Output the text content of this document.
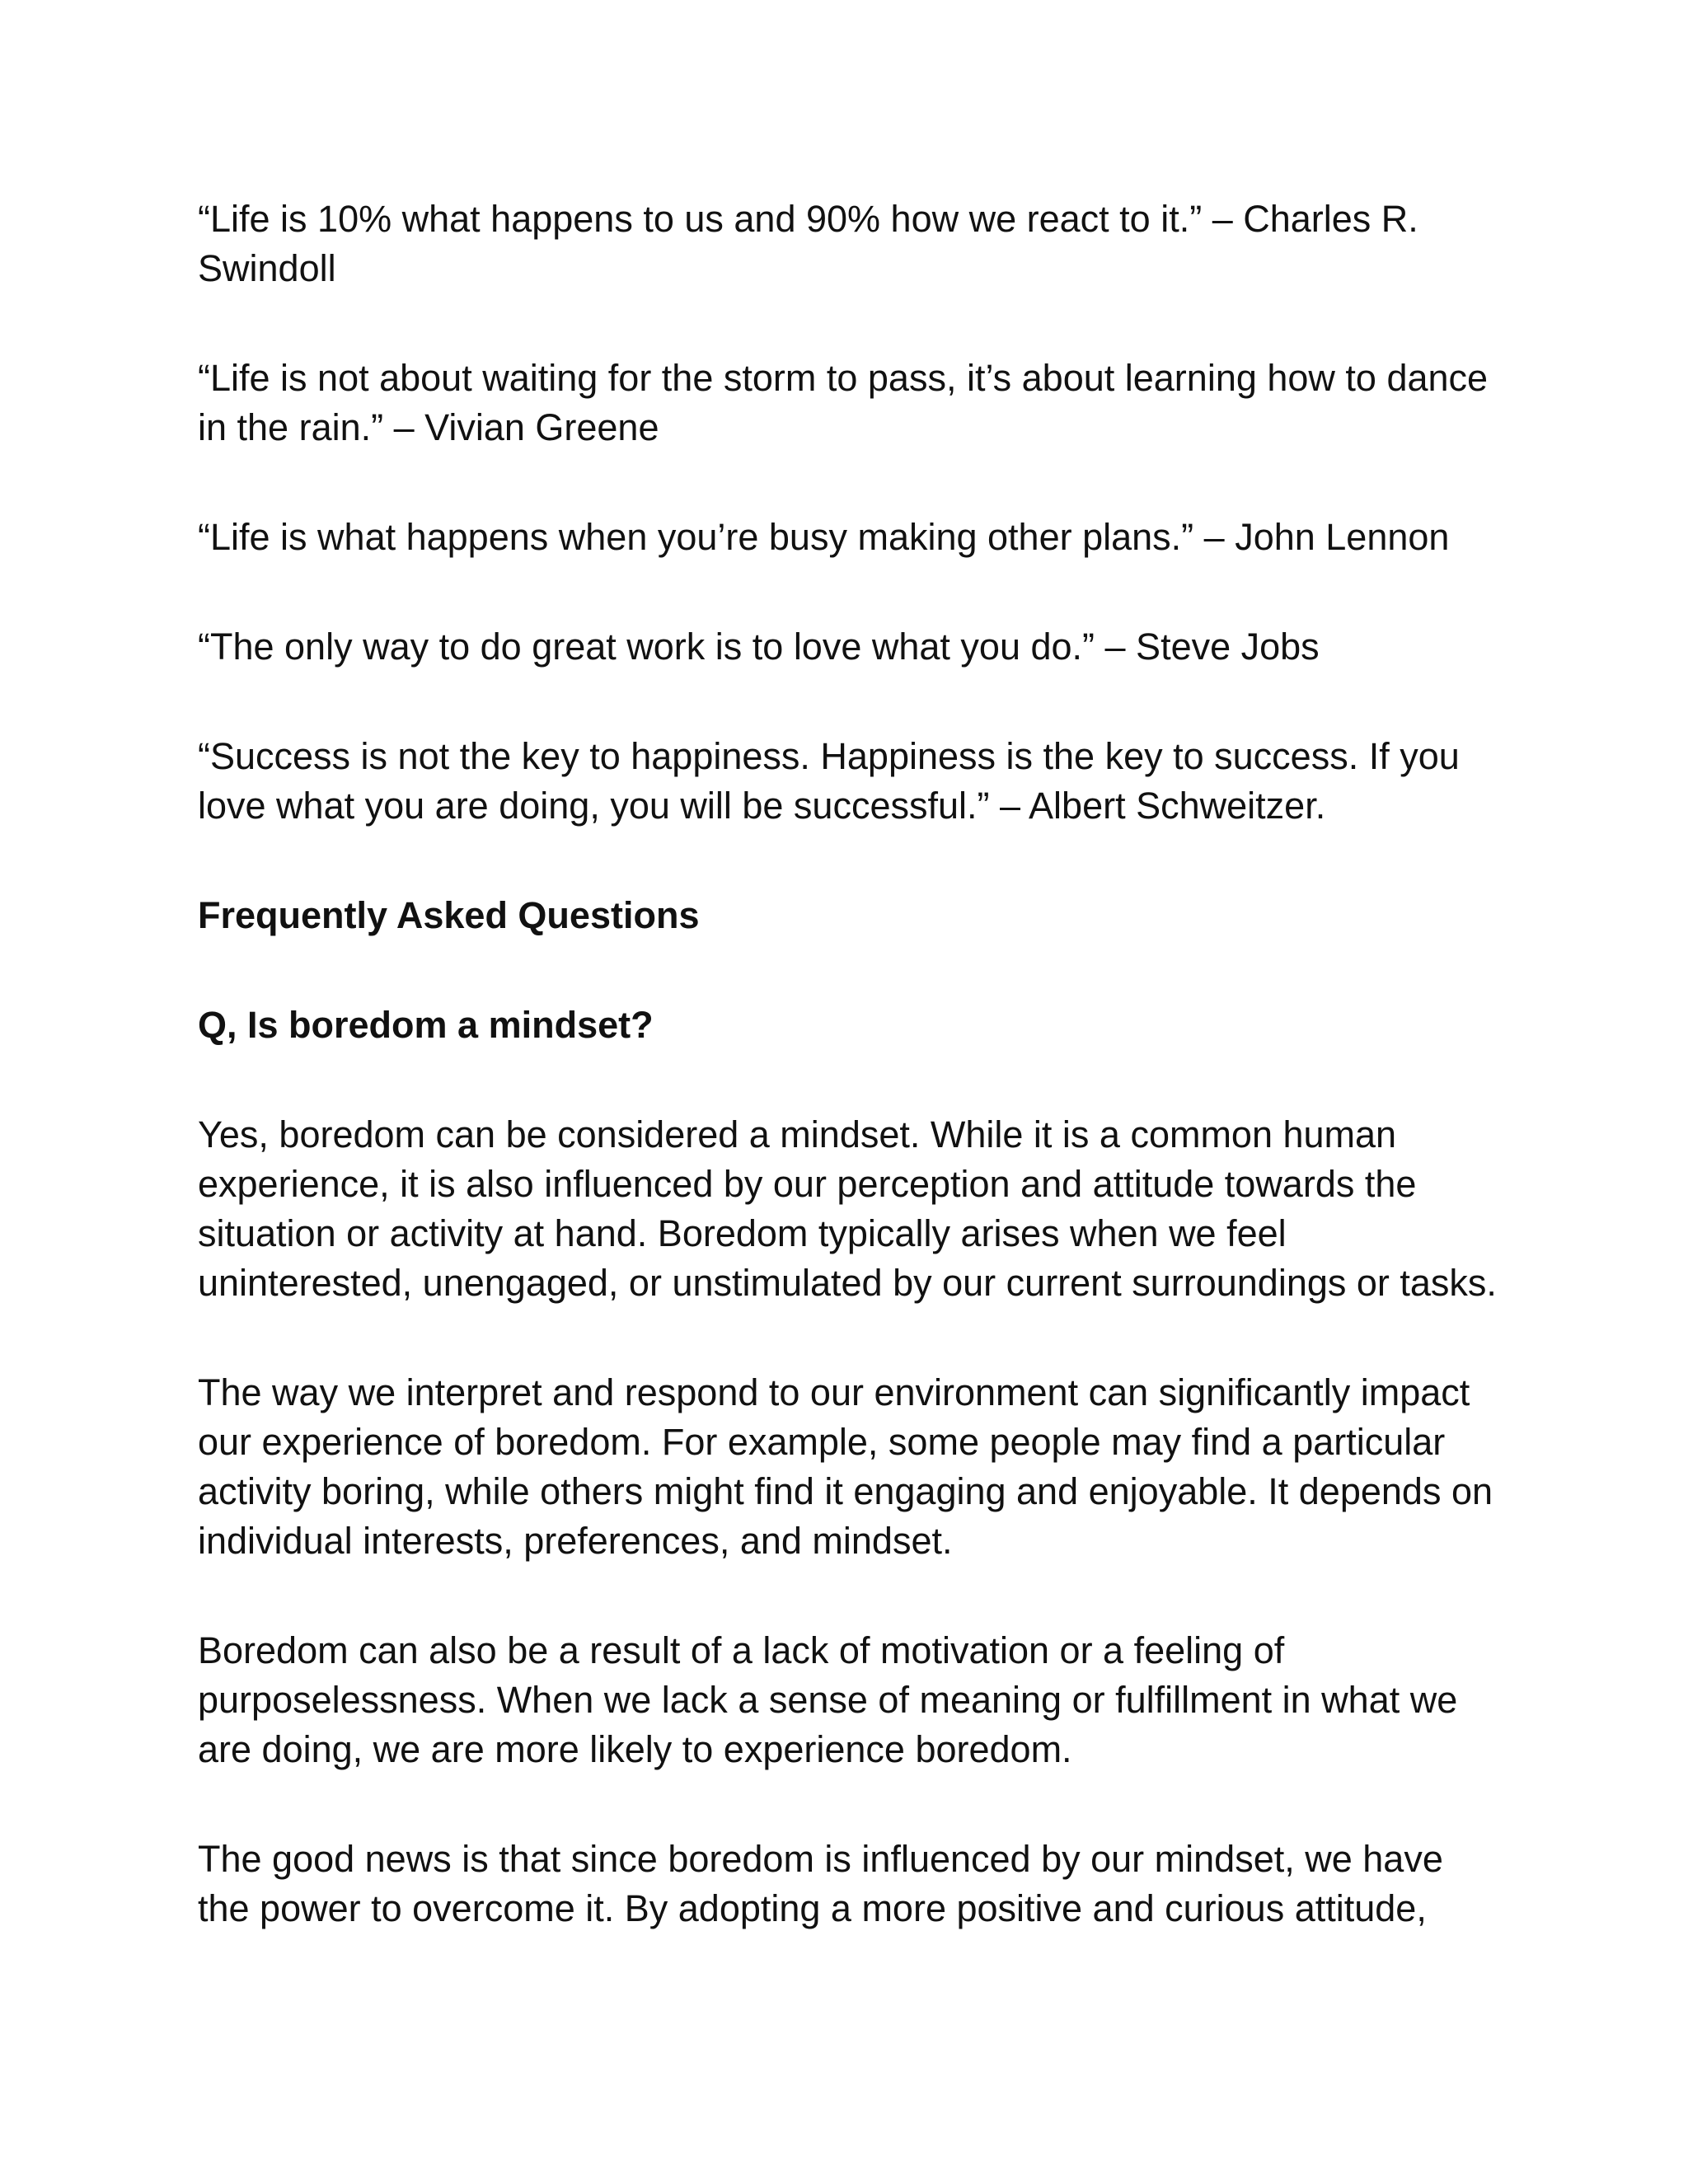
“Life is 10% what happens to us and 90% how we react to it.” – Charles R. Swindoll

“Life is not about waiting for the storm to pass, it’s about learning how to dance in the rain.” – Vivian Greene

“Life is what happens when you’re busy making other plans.” – John Lennon

“The only way to do great work is to love what you do.” – Steve Jobs

“Success is not the key to happiness. Happiness is the key to success. If you love what you are doing, you will be successful.” – Albert Schweitzer.

Frequently Asked Questions

Q, Is boredom a mindset?

Yes, boredom can be considered a mindset. While it is a common human experience, it is also influenced by our perception and attitude towards the situation or activity at hand. Boredom typically arises when we feel uninterested, unengaged, or unstimulated by our current surroundings or tasks.

The way we interpret and respond to our environment can significantly impact our experience of boredom. For example, some people may find a particular activity boring, while others might find it engaging and enjoyable. It depends on individual interests, preferences, and mindset.

Boredom can also be a result of a lack of motivation or a feeling of purposelessness. When we lack a sense of meaning or fulfillment in what we are doing, we are more likely to experience boredom.

The good news is that since boredom is influenced by our mindset, we have the power to overcome it. By adopting a more positive and curious attitude,
